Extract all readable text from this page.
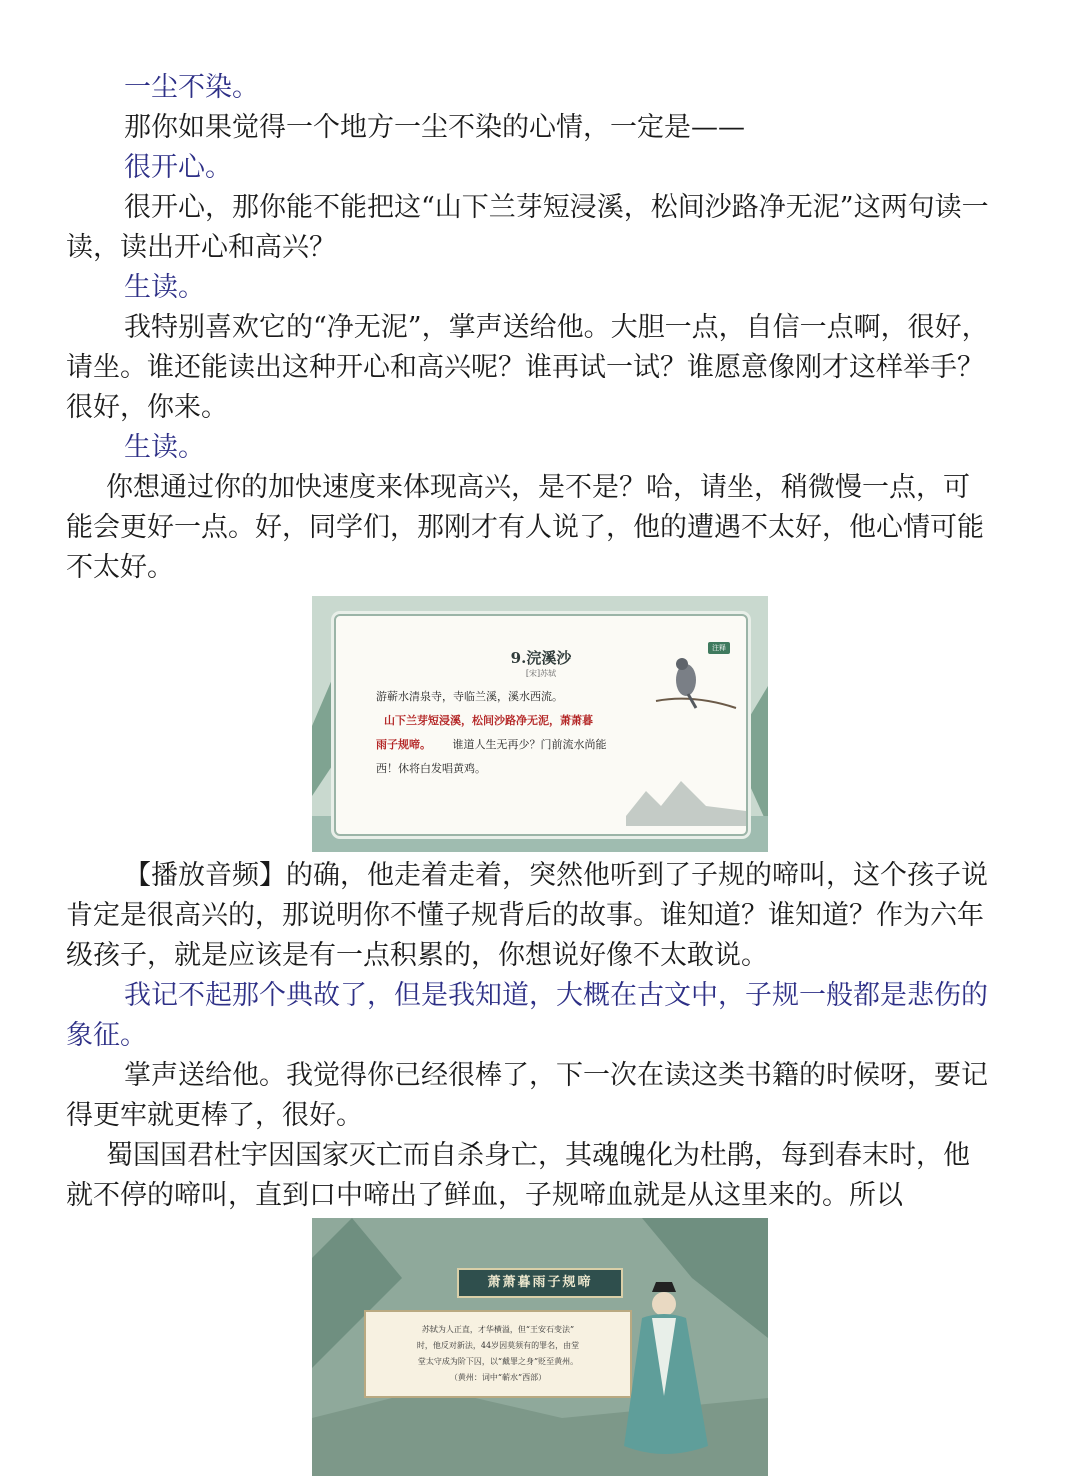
一尘不染。

那你如果觉得一个地方一尘不染的心情，一定是——

很开心。

很开心，那你能不能把这“山下兰芽短浸溪，松间沙路净无泥”这两句读一读，读出开心和高兴？

生读。

我特别喜欢它的“净无泥”，掌声送给他。大胆一点，自信一点啊，很好，请坐。谁还能读出这种开心和高兴呢？谁再试一试？谁愿意像刚才这样举手？很好，你来。

生读。

你想通过你的加快速度来体现高兴，是不是？哈，请坐，稍微慢一点，可能会更好一点。好，同学们，那刚才有人说了，他的遭遇不太好，他心情可能不太好。

注释
9.浣溪沙
[宋]苏轼
游蕲水清泉寺，寺临兰溪，溪水西流。
山下兰芽短浸溪，松间沙路净无泥，萧萧暮
雨子规啼。 谁道人生无再少？门前流水尚能
西！休将白发唱黄鸡。

【播放音频】的确，他走着走着，突然他听到了子规的啼叫，这个孩子说肯定是很高兴的，那说明你不懂子规背后的故事。谁知道？谁知道？作为六年级孩子，就是应该是有一点积累的，你想说好像不太敢说。

我记不起那个典故了，但是我知道，大概在古文中，子规一般都是悲伤的象征。

掌声送给他。我觉得你已经很棒了，下一次在读这类书籍的时候呀，要记得更牢就更棒了，很好。

蜀国国君杜宇因国家灭亡而自杀身亡，其魂魄化为杜鹃，每到春末时，他就不停的啼叫，直到口中啼出了鲜血，子规啼血就是从这里来的。所以

萧萧暮雨子规啼
苏轼为人正直，才华横溢，但“王安石变法”
时，他反对新法，44岁因莫须有的罪名，由堂
堂太守成为阶下囚，以“戴罪之身”贬至黄州。
（黄州：词中“蕲水”西部）
